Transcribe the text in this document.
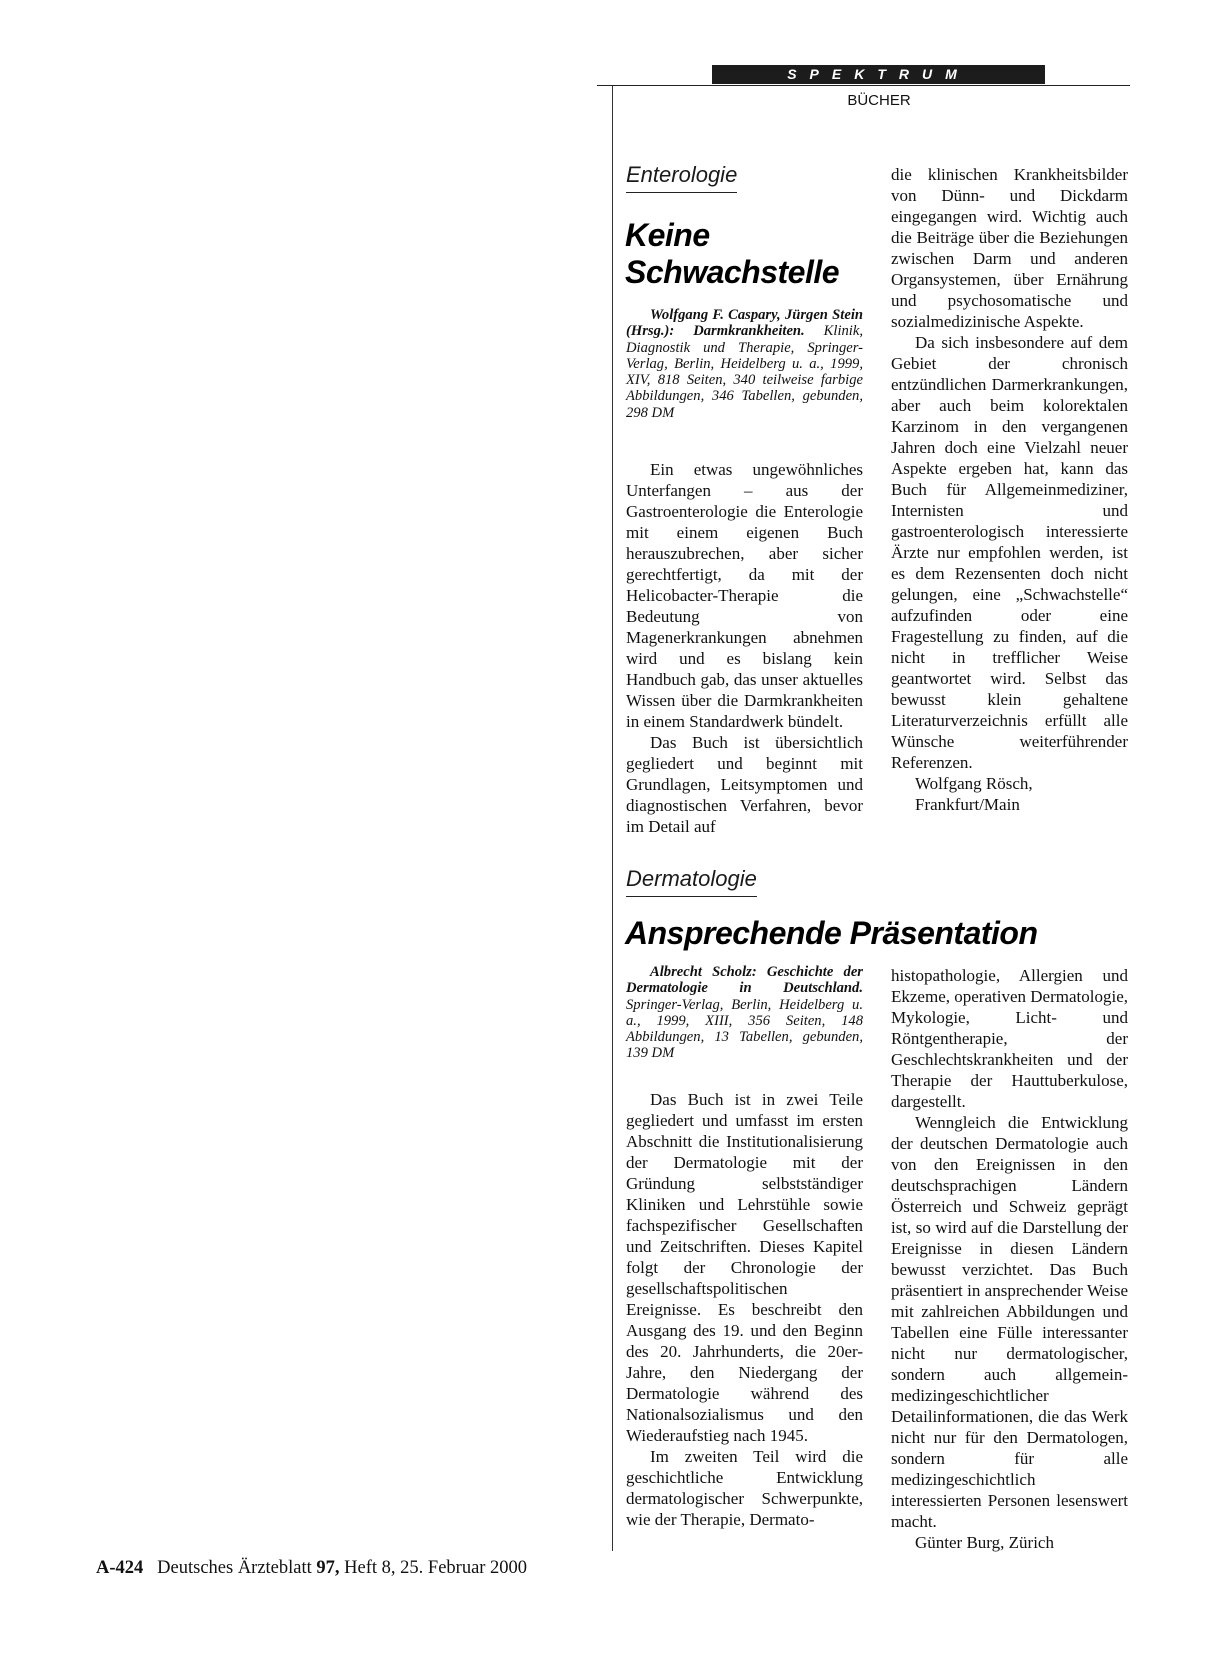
SPEKTRUM
BÜCHER
Enterologie
Keine
Schwachstelle

Wolfgang F. Caspary, Jürgen Stein (Hrsg.): Darmkrankheiten. Klinik, Diagnostik und Therapie, Springer-Verlag, Berlin, Heidelberg u. a., 1999, XIV, 818 Seiten, 340 teilweise farbige Abbildungen, 346 Tabellen, gebunden, 298 DM

Ein etwas ungewöhnliches Unterfangen – aus der Gastroenterologie die Enterologie mit einem eigenen Buch herauszubrechen, aber sicher gerechtfertigt, da mit der Helicobacter-Therapie die Bedeutung von Magenerkrankungen abnehmen wird und es bislang kein Handbuch gab, das unser aktuelles Wissen über die Darmkrankheiten in einem Standardwerk bündelt.

Das Buch ist übersichtlich gegliedert und beginnt mit Grundlagen, Leitsymptomen und diagnostischen Verfahren, bevor im Detail auf

die klinischen Krankheitsbilder von Dünn- und Dickdarm eingegangen wird. Wichtig auch die Beiträge über die Beziehungen zwischen Darm und anderen Organsystemen, über Ernährung und psychosomatische und sozialmedizinische Aspekte.

Da sich insbesondere auf dem Gebiet der chronisch entzündlichen Darmerkrankungen, aber auch beim kolorektalen Karzinom in den vergangenen Jahren doch eine Vielzahl neuer Aspekte ergeben hat, kann das Buch für Allgemeinmediziner, Internisten und gastroenterologisch interessierte Ärzte nur empfohlen werden, ist es dem Rezensenten doch nicht gelungen, eine „Schwachstelle“ aufzufinden oder eine Fragestellung zu finden, auf die nicht in trefflicher Weise geantwortet wird. Selbst das bewusst klein gehaltene Literaturverzeichnis erfüllt alle Wünsche weiterführender Referenzen.

Wolfgang Rösch,
Frankfurt/Main
Dermatologie
Ansprechende Präsentation

Albrecht Scholz: Geschichte der Dermatologie in Deutschland. Springer-Verlag, Berlin, Heidelberg u. a., 1999, XIII, 356 Seiten, 148 Abbildungen, 13 Tabellen, gebunden, 139 DM

Das Buch ist in zwei Teile gegliedert und umfasst im ersten Abschnitt die Institutionalisierung der Dermatologie mit der Gründung selbstständiger Kliniken und Lehrstühle sowie fachspezifischer Gesellschaften und Zeitschriften. Dieses Kapitel folgt der Chronologie der gesellschaftspolitischen Ereignisse. Es beschreibt den Ausgang des 19. und den Beginn des 20. Jahrhunderts, die 20er-Jahre, den Niedergang der Dermatologie während des Nationalsozialismus und den Wiederaufstieg nach 1945.

Im zweiten Teil wird die geschichtliche Entwicklung dermatologischer Schwerpunkte, wie der Therapie, Dermato-

histopathologie, Allergien und Ekzeme, operativen Dermatologie, Mykologie, Licht- und Röntgentherapie, der Geschlechtskrankheiten und der Therapie der Hauttuberkulose, dargestellt.

Wenngleich die Entwicklung der deutschen Dermatologie auch von den Ereignissen in den deutschsprachigen Ländern Österreich und Schweiz geprägt ist, so wird auf die Darstellung der Ereignisse in diesen Ländern bewusst verzichtet. Das Buch präsentiert in ansprechender Weise mit zahlreichen Abbildungen und Tabellen eine Fülle interessanter nicht nur dermatologischer, sondern auch allgemein-medizingeschichtlicher Detailinformationen, die das Werk nicht nur für den Dermatologen, sondern für alle medizingeschichtlich interessierten Personen lesenswert macht.

Günter Burg, Zürich
A-424 Deutsches Ärzteblatt 97, Heft 8, 25. Februar 2000
